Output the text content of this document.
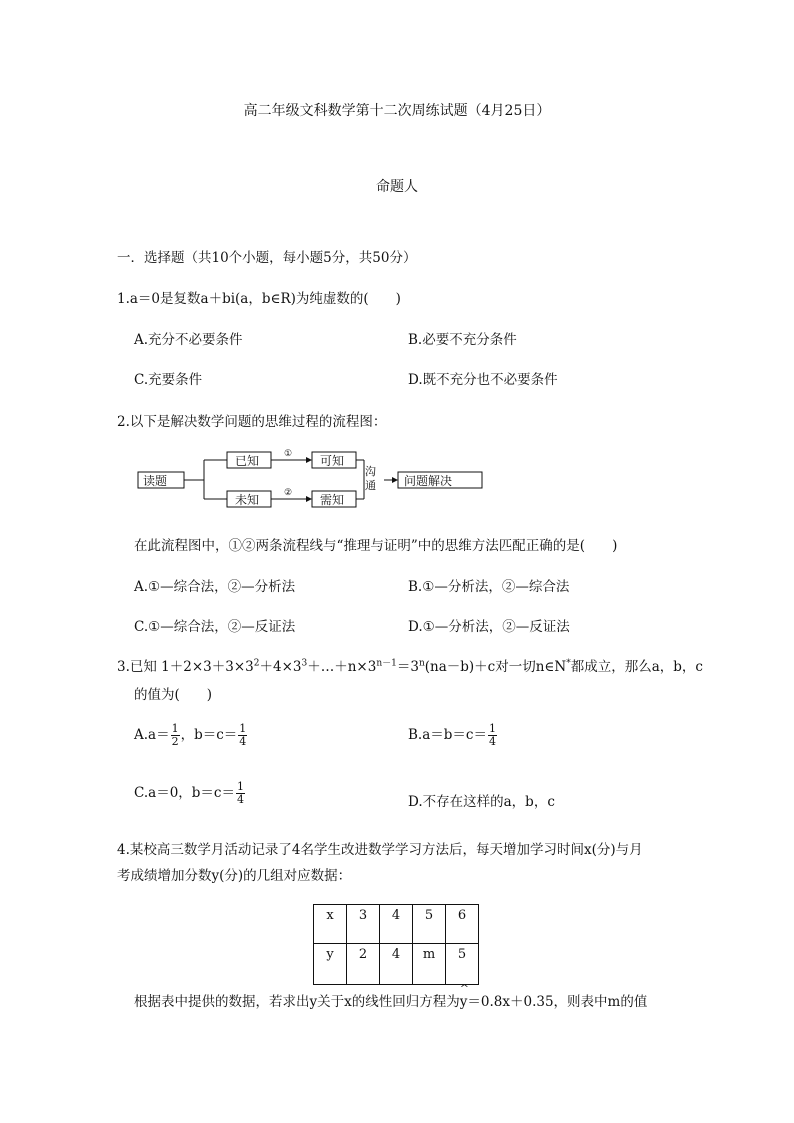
高二年级文科数学第十二次周练试题（4月25日）
命题人
一．选择题（共10个小题，每小题5分，共50分）
1.a＝0是复数a＋bi(a，b∈R)为纯虚数的(　　)
A.充分不必要条件	B.必要不充分条件
C.充要条件	D.既不充分也不必要条件
2.以下是解决数学问题的思维过程的流程图：
读题
已知
未知
可知
需知
问题解决
①
②
沟通
在此流程图中，①②两条流程线与“推理与证明”中的思维方法匹配正确的是(　　)
A.①—综合法，②—分析法	B.①—分析法，②—综合法
C.①—综合法，②—反证法	D.①—分析法，②—反证法
3.已知 $1+2\times 3+3\times 3^2+4\times 3^3+\dots+n\times 3^{n-1}=3^n(na-b)+c$对一切n∈N*都成立，那么a，b，c
的值为(　　)
$A.a= \frac{1}{2}$ ，$b=c= \frac{1}{4}$	$B.a=b=c= \frac{1}{4}$
C.a＝0，$b=c= \frac{1}{4}$	D.不存在这样的a，b，c
4.某校高三数学月活动记录了4名学生改进数学学习方法后，每天增加学习时间x(分)与月
考成绩增加分数y(分)的几组对应数据：
x	3	4	5	6
y	2	4	m	5
根据表中提供的数据，若求出y关于x的线性回归方程为^ y＝0.8x＋0.35，则表中m的值
